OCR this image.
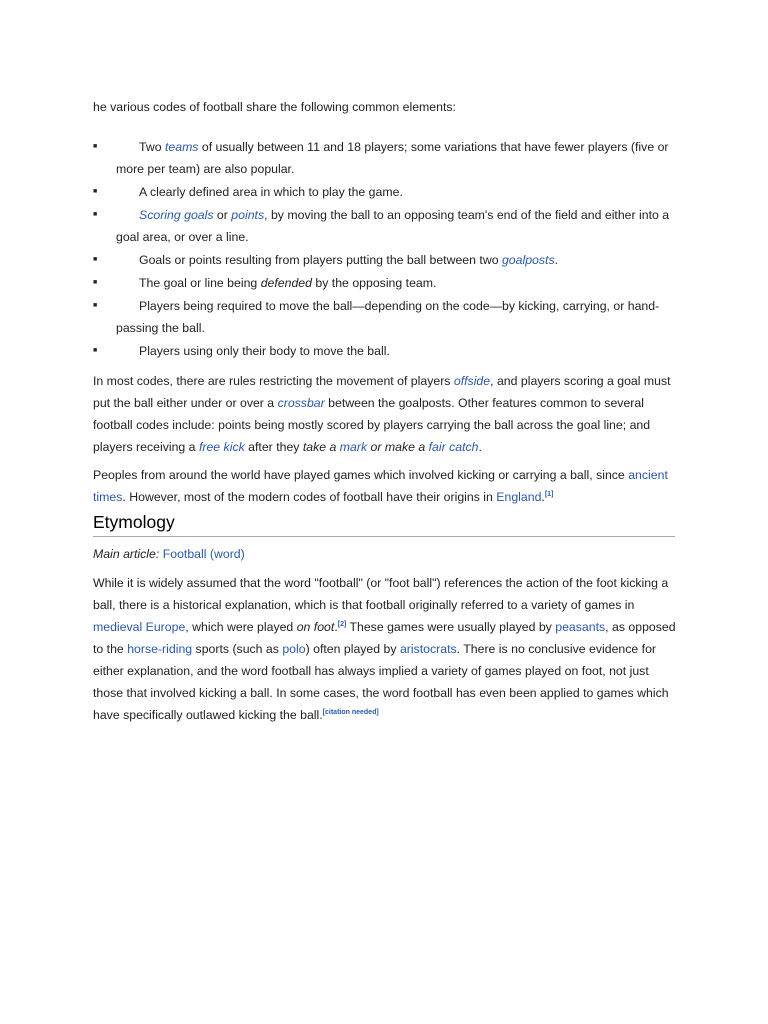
he various codes of football share the following common elements:

■	Two teams of usually between 11 and 18 players; some variations that have fewer players (five or more per team) are also popular.
■	A clearly defined area in which to play the game.
■	Scoring goals or points, by moving the ball to an opposing team's end of the field and either into a goal area, or over a line.
■	Goals or points resulting from players putting the ball between two goalposts.
■	The goal or line being defended by the opposing team.
■	Players being required to move the ball—depending on the code—by kicking, carrying, or hand-passing the ball.
■	Players using only their body to move the ball.

In most codes, there are rules restricting the movement of players offside, and players scoring a goal must put the ball either under or over a crossbar between the goalposts. Other features common to several football codes include: points being mostly scored by players carrying the ball across the goal line; and players receiving a free kick after they take a mark or make a fair catch.

Peoples from around the world have played games which involved kicking or carrying a ball, since ancient times. However, most of the modern codes of football have their origins in England.[1]

Etymology

Main article: Football (word)

While it is widely assumed that the word "football" (or "foot ball") references the action of the foot kicking a ball, there is a historical explanation, which is that football originally referred to a variety of games in medieval Europe, which were played on foot.[2] These games were usually played by peasants, as opposed to the horse-riding sports (such as polo) often played by aristocrats. There is no conclusive evidence for either explanation, and the word football has always implied a variety of games played on foot, not just those that involved kicking a ball. In some cases, the word football has even been applied to games which have specifically outlawed kicking the ball.[citation needed]
